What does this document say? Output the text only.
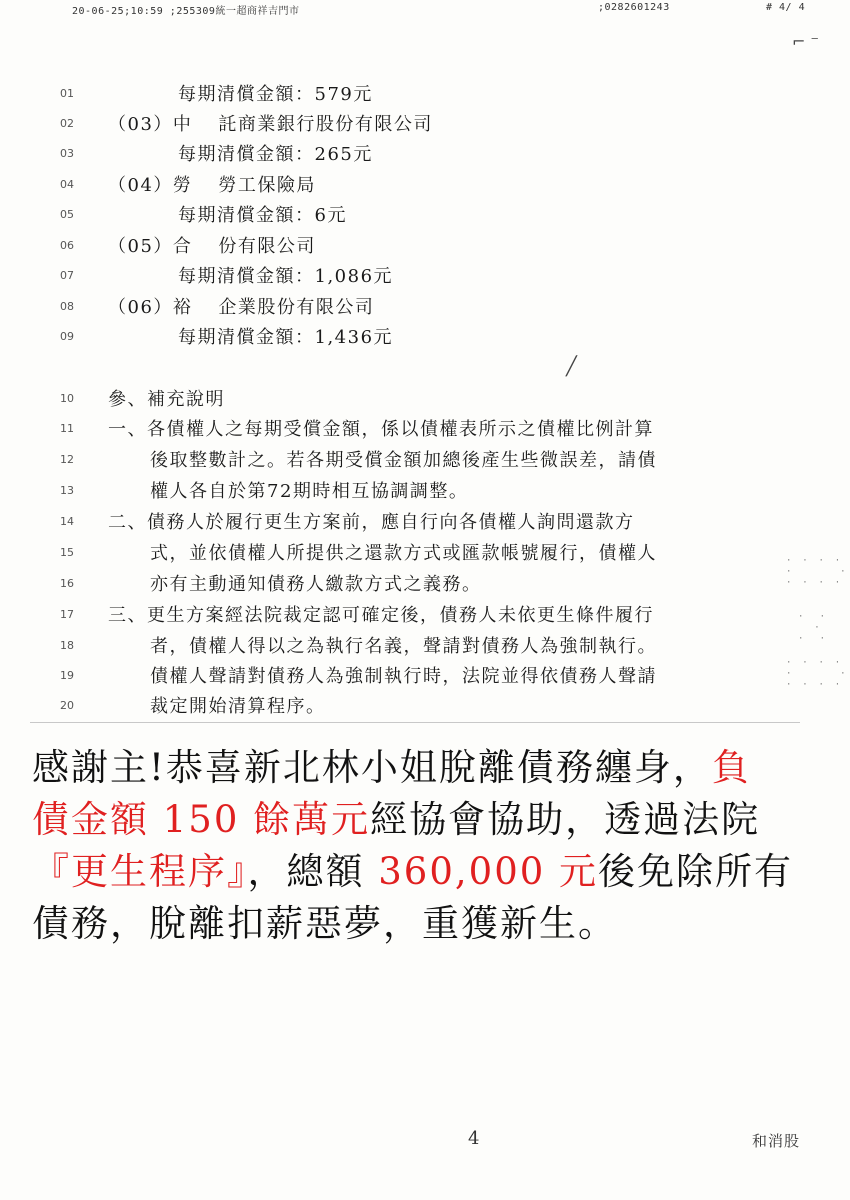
20-06-25;10:59 ;255309統一超商祥吉門市	;0282601243	# 4/ 4
⌐ ⁻
╱
·  ·  ·  ·
·         ·
·  ·  ·  ·
·   ·
·
·   ·
·  ·  ·  ·
·         ·
·  ·  ·  ·
01	每期清償金額：579元
02	（03）中 託商業銀行股份有限公司
03	每期清償金額：265元
04	（04）勞 勞工保險局
05	每期清償金額：6元
06	（05）合 份有限公司
07	每期清償金額：1,086元
08	（06）裕 企業股份有限公司
09	每期清償金額：1,436元
10	參、補充說明
11	一、各債權人之每期受償金額，係以債權表所示之債權比例計算
12	後取整數計之。若各期受償金額加總後產生些微誤差，請債
13	權人各自於第72期時相互協調調整。
14	二、債務人於履行更生方案前，應自行向各債權人詢問還款方
15	式，並依債權人所提供之還款方式或匯款帳號履行，債權人
16	亦有主動通知債務人繳款方式之義務。
17	三、更生方案經法院裁定認可確定後，債務人未依更生條件履行
18	者，債權人得以之為執行名義，聲請對債務人為強制執行。
19	債權人聲請對債務人為強制執行時，法院並得依債務人聲請
20	裁定開始清算程序。
感謝主!恭喜新北林小姐脫離債務纏身，負
債金額 150 餘萬元經協會協助，透過法院
『更生程序』，總額 360,000 元後免除所有
債務，脫離扣薪惡夢，重獲新生。
4	和消股
